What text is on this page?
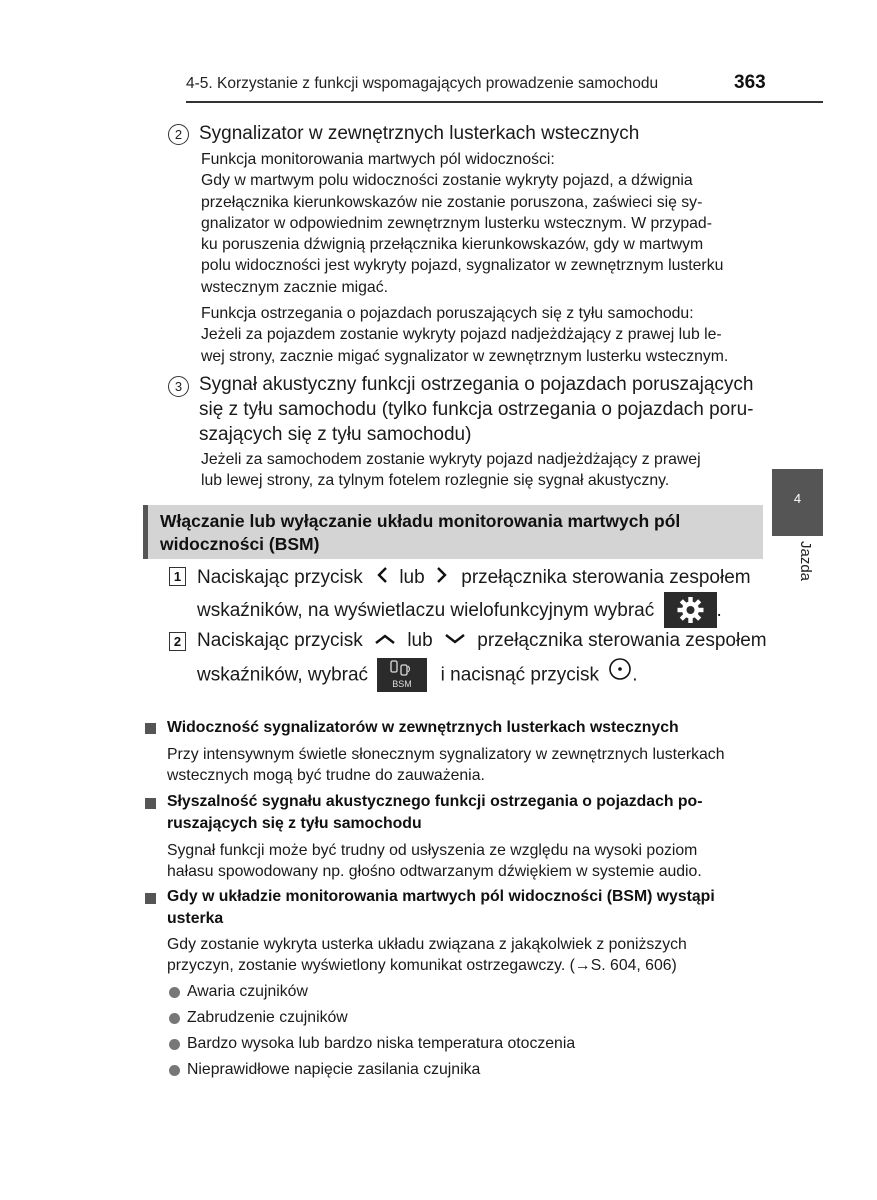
4-5. Korzystanie z funkcji wspomagających prowadzenie samochodu	363
2 Sygnalizator w zewnętrznych lusterkach wstecznych
Funkcja monitorowania martwych pól widoczności:
Gdy w martwym polu widoczności zostanie wykryty pojazd, a dźwignia
przełącznika kierunkowskazów nie zostanie poruszona, zaświeci się sy-
gnalizator w odpowiednim zewnętrznym lusterku wstecznym. W przypad-
ku poruszenia dźwignią przełącznika kierunkowskazów, gdy w martwym
polu widoczności jest wykryty pojazd, sygnalizator w zewnętrznym lusterku
wstecznym zacznie migać.
Funkcja ostrzegania o pojazdach poruszających się z tyłu samochodu:
Jeżeli za pojazdem zostanie wykryty pojazd nadjeżdżający z prawej lub le-
wej strony, zacznie migać sygnalizator w zewnętrznym lusterku wstecznym.
3 Sygnał akustyczny funkcji ostrzegania o pojazdach poruszających
się z tyłu samochodu (tylko funkcja ostrzegania o pojazdach poru-
szających się z tyłu samochodu)
Jeżeli za samochodem zostanie wykryty pojazd nadjeżdżający z prawej
lub lewej strony, za tylnym fotelem rozlegnie się sygnał akustyczny.
Włączanie lub wyłączanie układu monitorowania martwych pól
widoczności (BSM)
1 Naciskając przycisk lub przełącznika sterowania zespołem
wskaźników, na wyświetlaczu wielofunkcyjnym wybrać	.
2 Naciskając przycisk lub przełącznika sterowania zespołem
wskaźników, wybrać	BSM i nacisnąć przycisk .
Widoczność sygnalizatorów w zewnętrznych lusterkach wstecznych
Przy intensywnym świetle słonecznym sygnalizatory w zewnętrznych lusterkach
wstecznych mogą być trudne do zauważenia.
Słyszalność sygnału akustycznego funkcji ostrzegania o pojazdach po-
ruszających się z tyłu samochodu
Sygnał funkcji może być trudny od usłyszenia ze względu na wysoki poziom
hałasu spowodowany np. głośno odtwarzanym dźwiękiem w systemie audio.
Gdy w układzie monitorowania martwych pól widoczności (BSM) wystąpi
usterka
Gdy zostanie wykryta usterka układu związana z jakąkolwiek z poniższych
przyczyn, zostanie wyświetlony komunikat ostrzegawczy. (→S. 604, 606)
Awaria czujników
Zabrudzenie czujników
Bardzo wysoka lub bardzo niska temperatura otoczenia
Nieprawidłowe napięcie zasilania czujnika
4
Jazda
